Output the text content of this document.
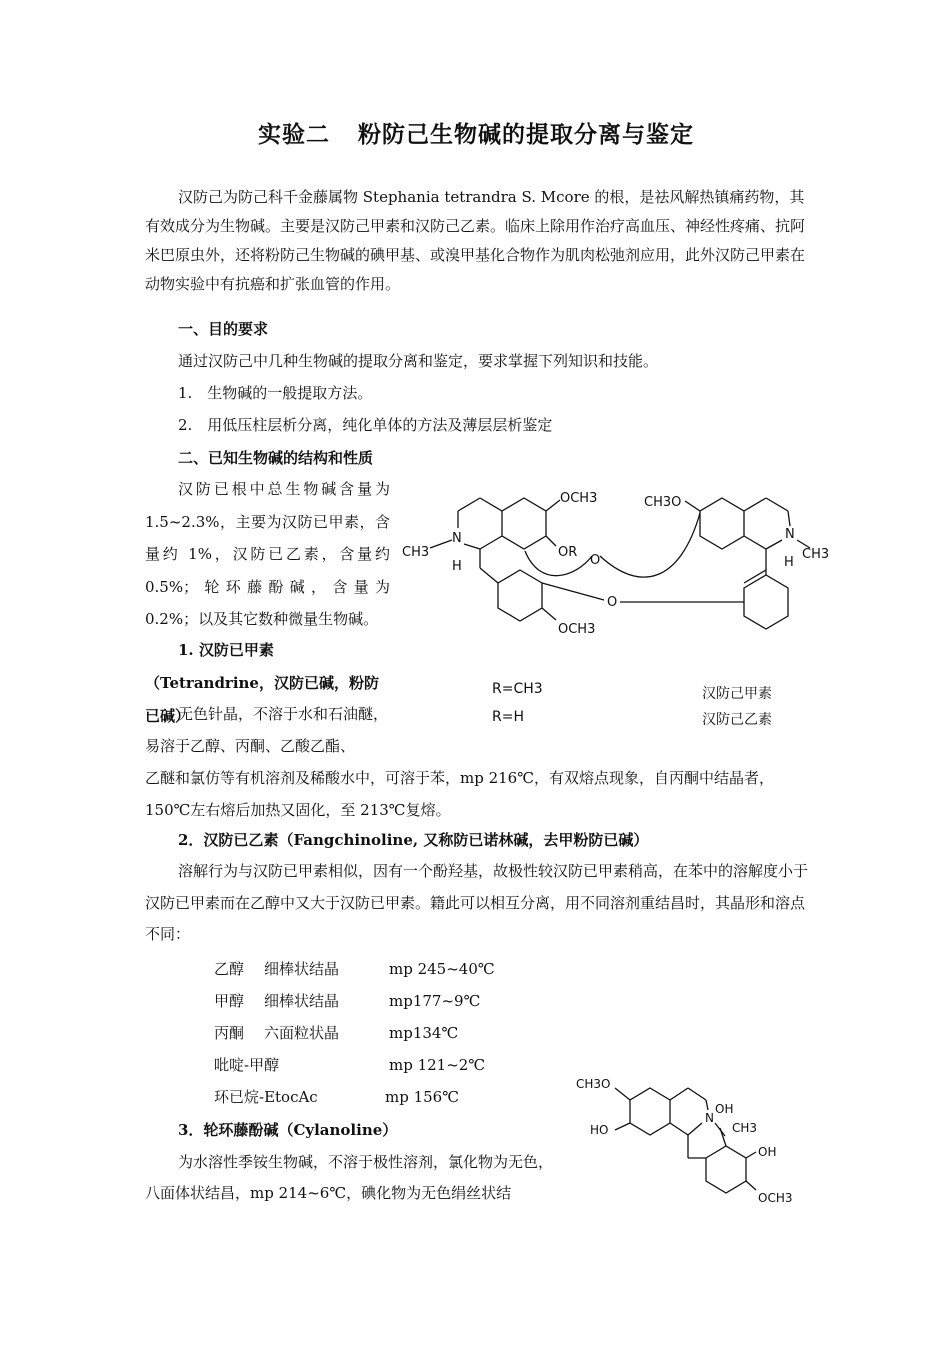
实验二 粉防己生物碱的提取分离与鉴定
汉防己为防己科千金藤属物 Stephania tetrandra S. Mcore 的根，是祛风解热镇痛药物，其有效成分为生物碱。主要是汉防己甲素和汉防己乙素。临床上除用作治疗高血压、神经性疼痛、抗阿米巴原虫外，还将粉防己生物碱的碘甲基、或溴甲基化合物作为肌肉松弛剂应用，此外汉防己甲素在动物实验中有抗癌和扩张血管的作用。
一、目的要求
通过汉防己中几种生物碱的提取分离和鉴定，要求掌握下列知识和技能。
1.　生物碱的一般提取方法。
2.　用低压柱层析分离，纯化单体的方法及薄层层析鉴定
二、已知生物碱的结构和性质
汉防已根中总生物碱含量为 1.5~2.3%，主要为汉防已甲素，含量约 1%，汉防已乙素，含量约 0.5%；轮环藤酚碱，含量为 0.2%；以及其它数种微量生物碱。
1. 汉防已甲素（Tetrandrine，汉防已碱，粉防已碱）
无色针晶，不溶于水和石油醚，易溶于乙醇、丙酮、乙酸乙酯、
乙醚和氯仿等有机溶剂及稀酸水中，可溶于苯，mp 216℃，有双熔点现象，自丙酮中结晶者，150℃左右熔后加热又固化，至 213℃复熔。
2．汉防已乙素（Fangchinoline, 又称防已诺林碱，去甲粉防已碱）
溶解行为与汉防已甲素相似，因有一个酚羟基，故极性较汉防已甲素稍高，在苯中的溶解度小于汉防已甲素而在乙醇中又大于汉防已甲素。籍此可以相互分离，用不同溶剂重结昌时，其晶形和溶点不同：
乙醇 细棒状结晶	mp 245~40℃
甲醇 细棒状结晶	mp177~9℃
丙酮 六面粒状晶	mp134℃
吡啶-甲醇	mp 121~2℃
环已烷-EtocAc	mp 156℃
3．轮环藤酚碱（Cylanoline）
为水溶性季铵生物碱，不溶于极性溶剂，氯化物为无色，八面体状结昌，mp 214~6℃，碘化物为无色绢丝状结
OCH3	CH3O
CH3
N
H
OR
O
O
N
CH3
H
OCH3
R=CH3	汉防己甲素
R=H	汉防己乙素
CH3O
HO
N
OH
CH3
OH
OCH3
